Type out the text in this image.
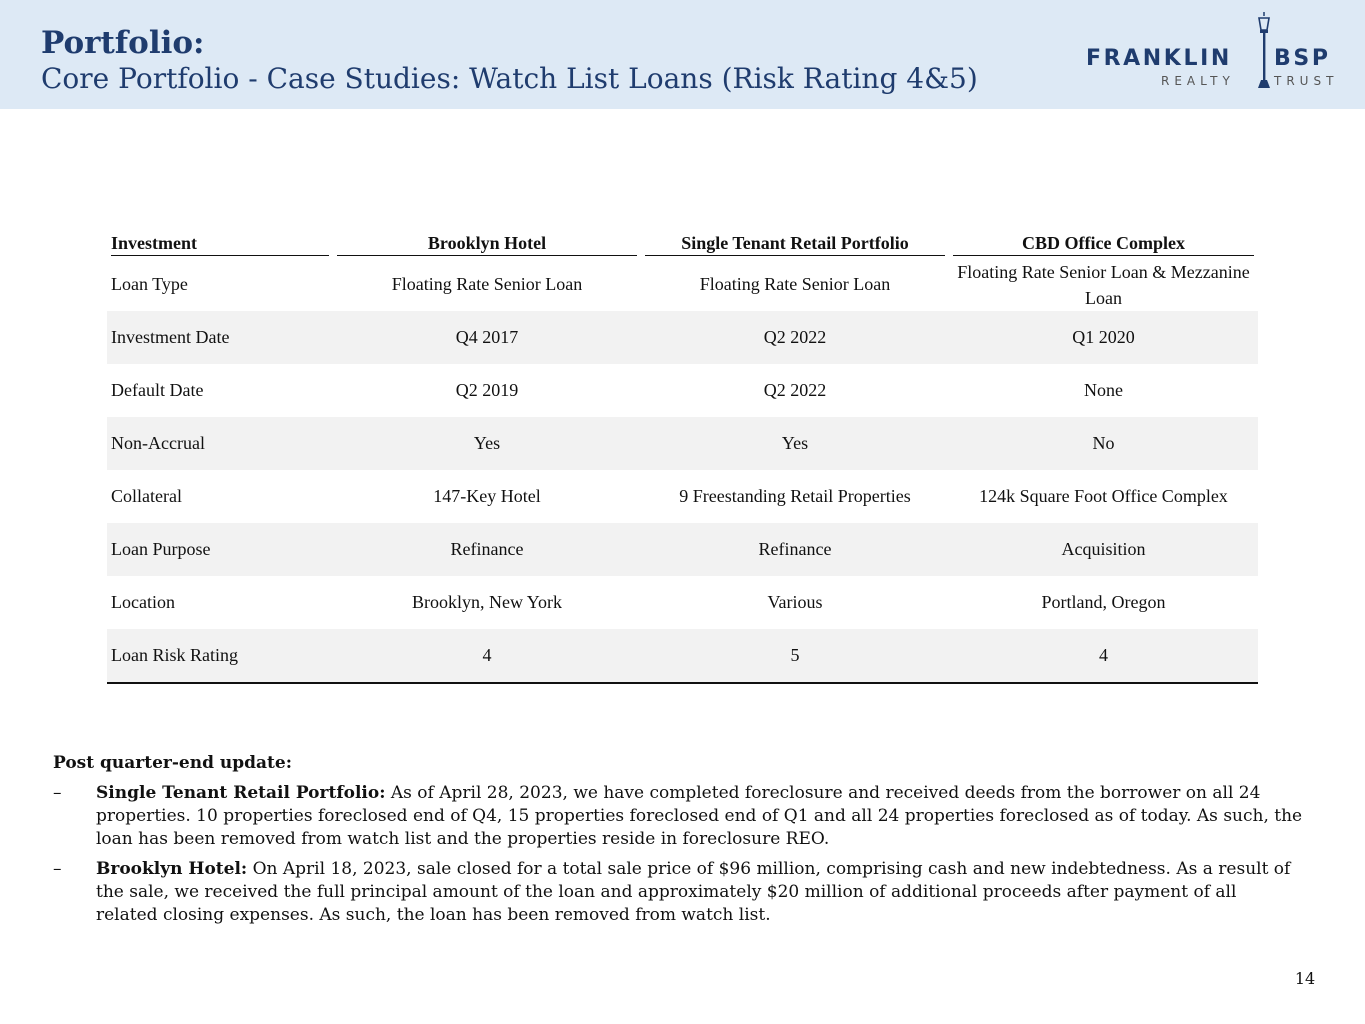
Portfolio:
Core Portfolio - Case Studies: Watch List Loans (Risk Rating 4&5)
FRANKLIN BSP
REALTY	TRUST
Investment	Brooklyn Hotel	Single Tenant Retail Portfolio	CBD Office Complex

Loan Type	Floating Rate Senior Loan	Floating Rate Senior Loan	Floating Rate Senior Loan & Mezzanine Loan
Investment Date	Q4 2017	Q2 2022	Q1 2020
Default Date	Q2 2019	Q2 2022	None
Non-Accrual	Yes	Yes	No
Collateral	147-Key Hotel	9 Freestanding Retail Properties	124k Square Foot Office Complex
Loan Purpose	Refinance	Refinance	Acquisition
Location	Brooklyn, New York	Various	Portland, Oregon
Loan Risk Rating	4	5	4
Post quarter-end update:
– Single Tenant Retail Portfolio: As of April 28, 2023, we have completed foreclosure and received deeds from the borrower on all 24 properties. 10 properties foreclosed end of Q4, 15 properties foreclosed end of Q1 and all 24 properties foreclosed as of today. As such, the loan has been removed from watch list and the properties reside in foreclosure REO.
– Brooklyn Hotel: On April 18, 2023, sale closed for a total sale price of $96 million, comprising cash and new indebtedness. As a result of the sale, we received the full principal amount of the loan and approximately $20 million of additional proceeds after payment of all related closing expenses. As such, the loan has been removed from watch list.
14
